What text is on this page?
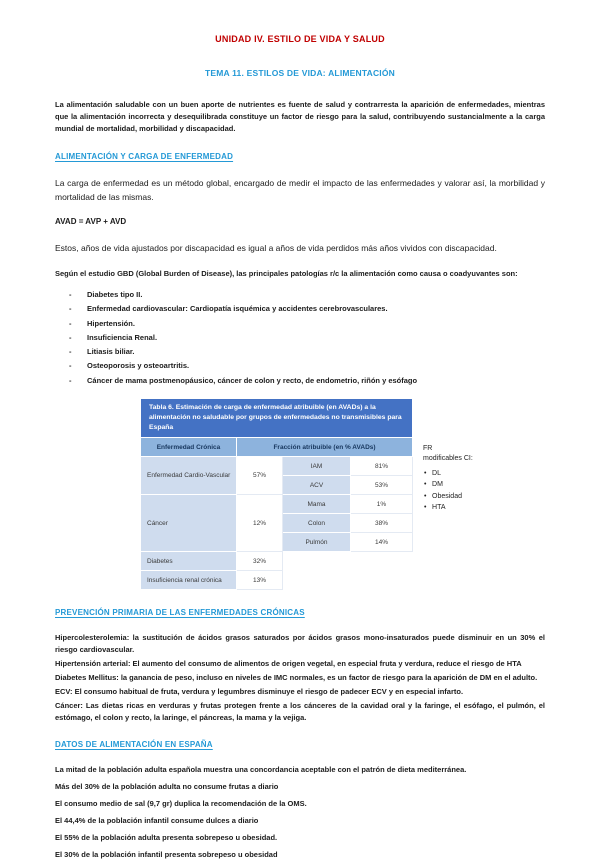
UNIDAD IV. ESTILO DE VIDA Y SALUD
TEMA 11. ESTILOS DE VIDA: ALIMENTACIÓN

La alimentación saludable con un buen aporte de nutrientes es fuente de salud y contrarresta la aparición de enfermedades, mientras que la alimentación incorrecta y desequilibrada constituye un factor de riesgo para la salud, contribuyendo sustancialmente a la carga mundial de mortalidad, morbilidad y discapacidad.

ALIMENTACIÓN Y CARGA DE ENFERMEDAD

La carga de enfermedad es un método global, encargado de medir el impacto de las enfermedades y valorar así, la morbilidad y mortalidad de las mismas.

AVAD = AVP + AVD

Estos, años de vida ajustados por discapacidad es igual a años de vida perdidos más años vividos con discapacidad.

Según el estudio GBD (Global Burden of Disease), las principales patologías r/c la alimentación como causa o coadyuvantes son:

- Diabetes tipo II.
- Enfermedad cardiovascular: Cardiopatía isquémica y accidentes cerebrovasculares.
- Hipertensión.
- Insuficiencia Renal.
- Litiasis biliar.
- Osteoporosis y osteoartritis.
- Cáncer de mama postmenopáusico, cáncer de colon y recto, de endometrio, riñón y esófago
Tabla 6. Estimación de carga de enfermedad atribuible (en AVADs) a la alimentación no saludable por grupos de enfermedades no transmisibles para España			
Enfermedad Crónica	Fracción atribuible (en % AVADs)		
Enfermedad Cardio-Vascular	57%	IAM	81%
		ACV	53%
Cáncer	12%	Mama	1%
		Colon	38%
		Pulmón	14%
Diabetes	32%		
Insuficiencia renal crónica	13%		
FR modificables CI:
• DL
• DM
• Obesidad
• HTA
PREVENCIÓN PRIMARIA DE LAS ENFERMEDADES CRÓNICAS

Hipercolesterolemia: la sustitución de ácidos grasos saturados por ácidos grasos mono-insaturados puede disminuir en un 30% el riesgo cardiovascular.

Hipertensión arterial: El aumento del consumo de alimentos de origen vegetal, en especial fruta y verdura, reduce el riesgo de HTA

Diabetes Mellitus: la ganancia de peso, incluso en niveles de IMC normales, es un factor de riesgo para la aparición de DM en el adulto.

ECV: El consumo habitual de fruta, verdura y legumbres disminuye el riesgo de padecer ECV y en especial infarto.

Cáncer: Las dietas ricas en verduras y frutas protegen frente a los cánceres de la cavidad oral y la faringe, el esófago, el pulmón, el estómago, el colon y recto, la laringe, el páncreas, la mama y la vejiga.

DATOS DE ALIMENTACIÓN EN ESPAÑA

La mitad de la población adulta española muestra una concordancia aceptable con el patrón de dieta mediterránea.

Más del 30% de la población adulta no consume frutas a diario

El consumo medio de sal (9,7 gr) duplica la recomendación de la OMS.

El 44,4% de la población infantil consume dulces a diario

El 55% de la población adulta presenta sobrepeso u obesidad.

El 30% de la población infantil presenta sobrepeso u obesidad
